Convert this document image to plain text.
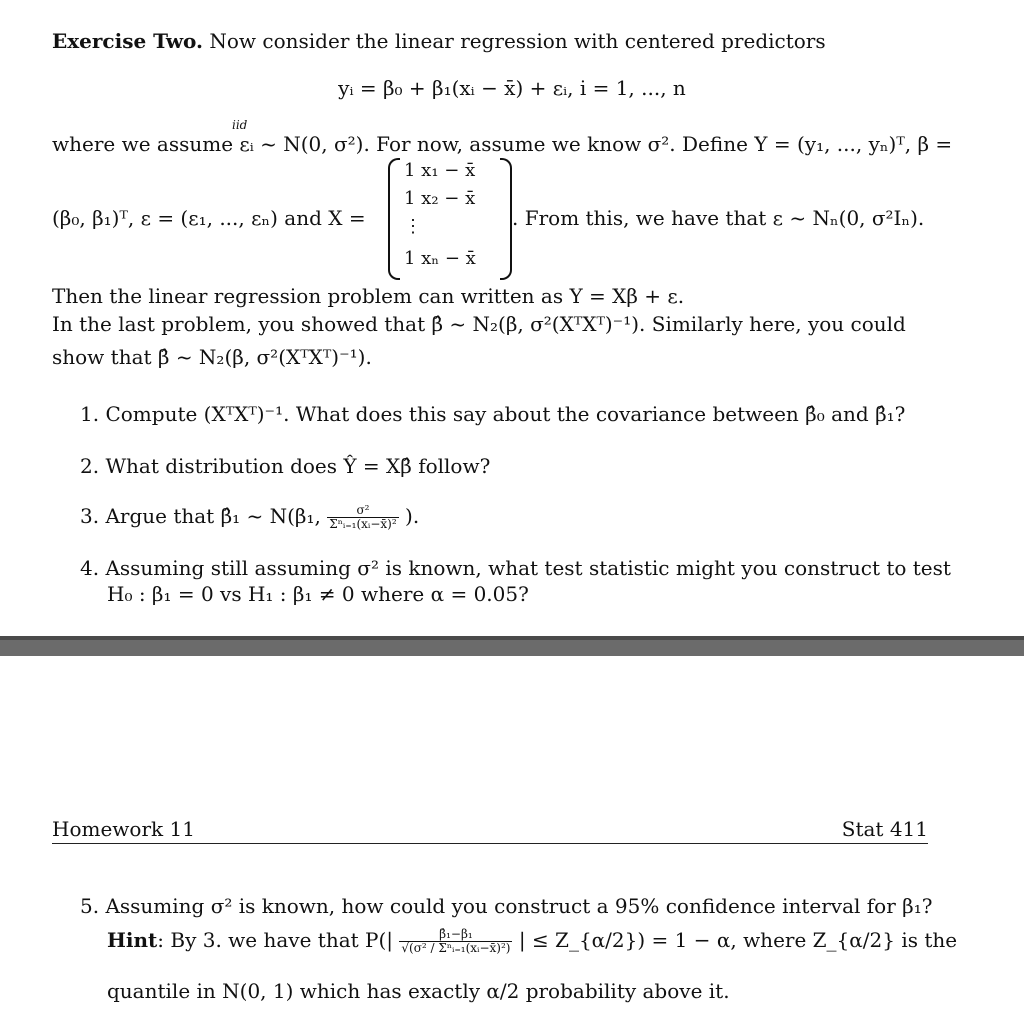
Exercise Two. Now consider the linear regression with centered predictors
yᵢ = β₀ + β₁(xᵢ − x̄) + εᵢ, i = 1, ..., n
where we assume εᵢ ~ N(0, σ²). For now, assume we know σ². Define Y = (y₁, ..., yₙ)ᵀ, β =
iid
(β₀, β₁)ᵀ, ε = (ε₁, ..., εₙ) and X =
1 x₁ − x̄
1 x₂ − x̄
⋮
1 xₙ − x̄
. From this, we have that ε ~ Nₙ(0, σ²Iₙ).
Then the linear regression problem can written as Y = Xβ + ε.
In the last problem, you showed that β̂ ~ N₂(β, σ²(XᵀXᵀ)⁻¹). Similarly here, you could
show that β̂ ~ N₂(β, σ²(XᵀXᵀ)⁻¹).
1. Compute (XᵀXᵀ)⁻¹. What does this say about the covariance between β̂₀ and β̂₁?
2. What distribution does Ŷ = Xβ̂ follow?
3. Argue that β̂₁ ~ N(β₁, $\frac{\text{σ²}}{\text{Σⁿᵢ₌₁(xᵢ−x̄)²}}$ ).
4. Assuming still assuming σ² is known, what test statistic might you construct to test
H₀ : β₁ = 0 vs H₁ : β₁ ≠ 0 where α = 0.05?
Homework 11	Stat 411
5. Assuming σ² is known, how could you construct a 95% confidence interval for β₁?
Hint: By 3. we have that $P(| \frac{\text{β̂₁−β₁}}{\text{√(σ² / Σⁿᵢ₌₁(xᵢ−x̄)²)}}$ | ≤ Z_{α/2}) = 1 − α, where Z_{α/2} is the
quantile in N(0, 1) which has exactly α/2 probability above it.
